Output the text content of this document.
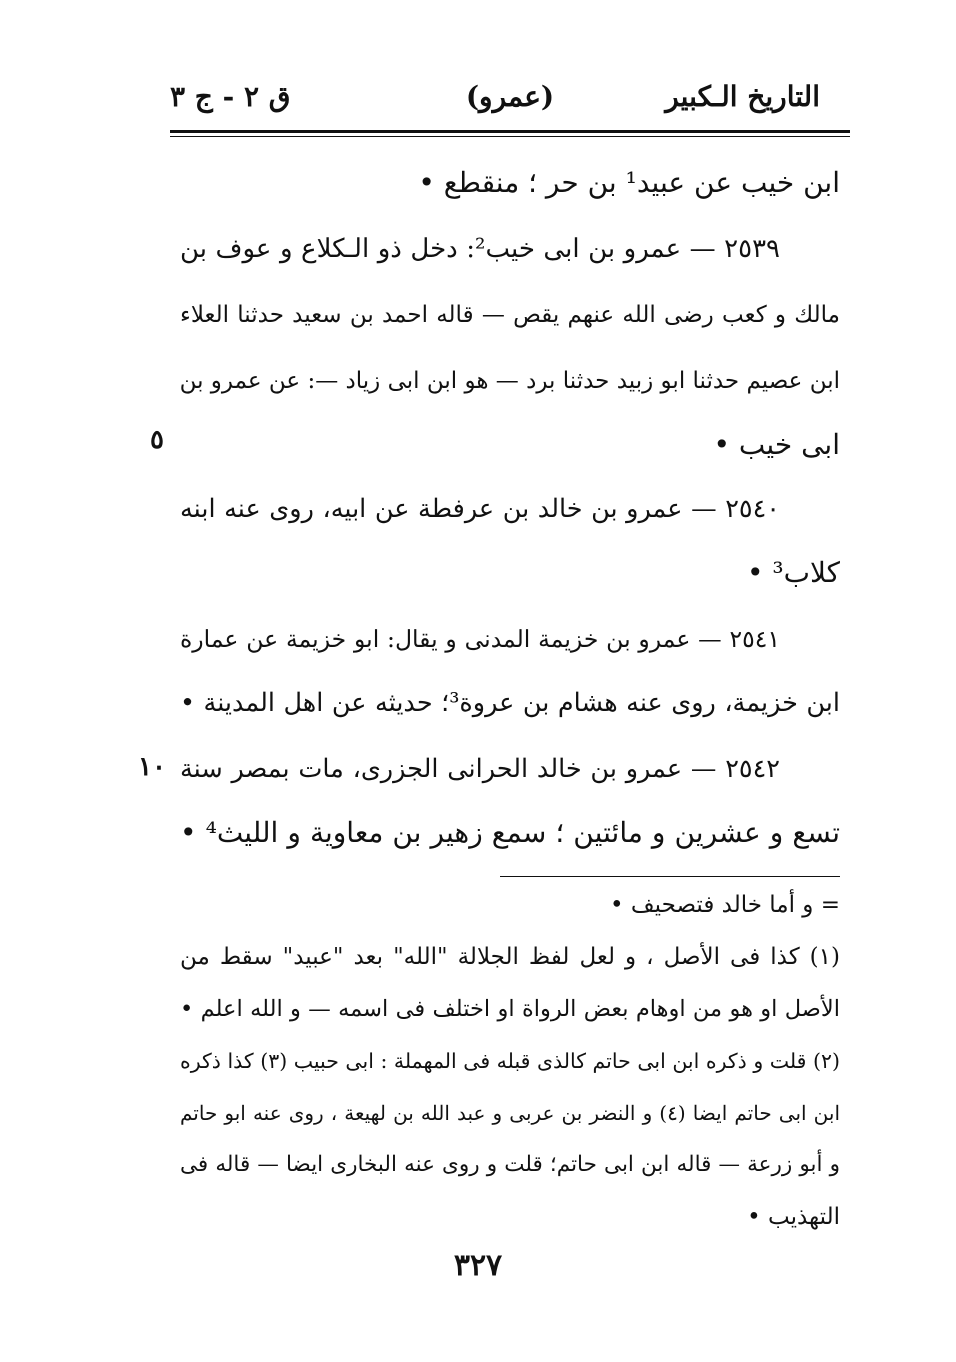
التاريخ الـكبير
(عمرو)
ق ٢ - ج ٣
ابن خيب عن عبيد¹ بن حر ؛ منقطع •
٢٥٣٩ — عمرو بن ابى خيب²: دخل ذو الـكلاع و عوف بن
مالك و كعب رضى الله عنهم يقص — قاله احمد بن سعيد حدثنا العلاء
ابن عصيم حدثنا ابو زبيد حدثنا برد — هو ابن ابى زياد —: عن عمرو بن
ابى خيب •
٢٥٤٠ — عمرو بن خالد بن عرفطة عن ابيه، روى عنه ابنه
كلاب³ •
٢٥٤١ — عمرو بن خزيمة المدنى و يقال: ابو خزيمة عن عمارة
ابن خزيمة، روى عنه هشام بن عروة³؛ حديثه عن اهل المدينة •
٢٥٤٢ — عمرو بن خالد الحرانى الجزرى، مات بمصر سنة
تسع و عشرين و مائتين ؛ سمع زهير بن معاوية و الليث⁴ •
٥
١٠
= و أما خالد فتصحيف •
(١) كذا فى الأصل ، و لعل لفظ الجلالة "الله" بعد "عبيد" سقط من
الأصل او هو من اوهام بعض الرواة او اختلف فى اسمه — و الله اعلم •
(٢) قلت و ذكره ابن ابى حاتم كالذى قبله فى المهملة : ابى حبيب (٣) كذا ذكره
ابن ابى حاتم ايضا (٤) و النضر بن عربى و عبد الله بن لهيعة ، روى عنه ابو حاتم
و أبو زرعة — قاله ابن ابى حاتم؛ قلت و روى عنه البخارى ايضا — قاله فى
التهذيب •
٣٢٧
